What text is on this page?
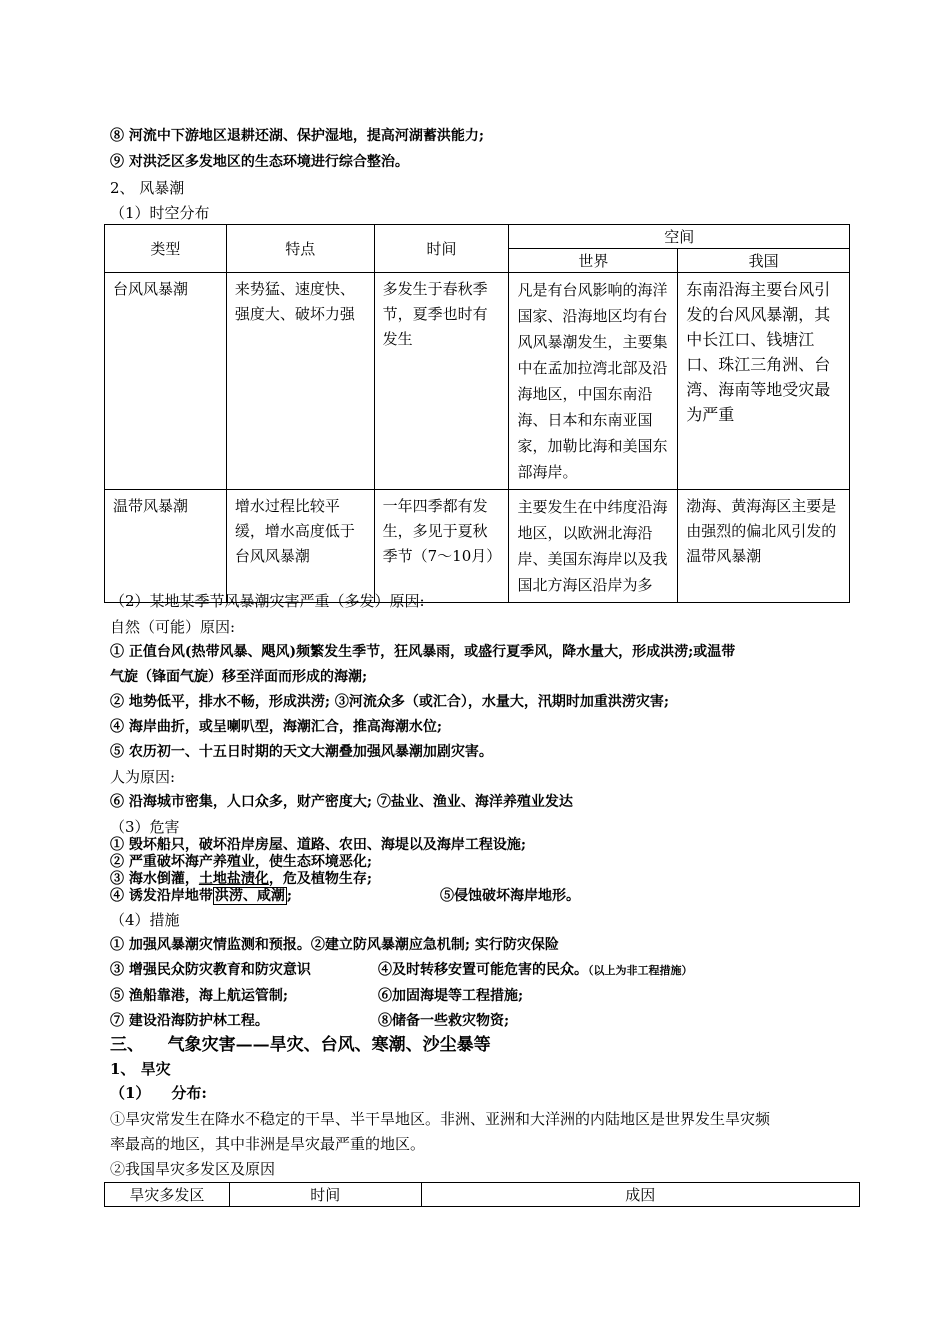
⑧ 河流中下游地区退耕还湖、保护湿地，提高河湖蓄洪能力;
⑨ 对洪泛区多发地区的生态环境进行综合整治。
2、 风暴潮
（1）时空分布
类型	特点	时间	空间	
			世界	我国
台风风暴潮	来势猛、速度快、强度大、破坏力强	多发生于春秋季节，夏季也时有发生	凡是有台风影响的海洋国家、沿海地区均有台风风暴潮发生，主要集中在孟加拉湾北部及沿海地区，中国东南沿海、日本和东南亚国家，加勒比海和美国东部海岸。	东南沿海主要台风引发的台风风暴潮，其中长江口、钱塘江口、珠江三角洲、台湾、海南等地受灾最为严重
温带风暴潮	增水过程比较平缓，增水高度低于台风风暴潮	一年四季都有发生，多见于夏秋季节（7～10月）	主要发生在中纬度沿海地区，以欧洲北海沿岸、美国东海岸以及我国北方海区沿岸为多	渤海、黄海海区主要是由强烈的偏北风引发的温带风暴潮
（2）某地某季节风暴潮灾害严重（多发）原因:
自然（可能）原因:
① 正值台风(热带风暴、飓风)频繁发生季节，狂风暴雨，或盛行夏季风，降水量大，形成洪涝;或温带
气旋（锋面气旋）移至洋面而形成的海潮;
② 地势低平，排水不畅，形成洪涝; ③河流众多（或汇合），水量大，汛期时加重洪涝灾害;
④ 海岸曲折，或呈喇叭型，海潮汇合，推高海潮水位;
⑤ 农历初一、十五日时期的天文大潮叠加强风暴潮加剧灾害。
人为原因:
⑥ 沿海城市密集，人口众多，财产密度大; ⑦盐业、渔业、海洋养殖业发达
（3）危害
① 毁坏船只，破坏沿岸房屋、道路、农田、海堤以及海岸工程设施;
② 严重破坏海产养殖业，使生态环境恶化;
③ 海水倒灌，土地盐渍化，危及植物生存;
④ 诱发沿岸地带 洪涝、咸潮 ;	⑤侵蚀破坏海岸地形。
（4）措施
① 加强风暴潮灾情监测和预报。②建立防风暴潮应急机制; 实行防灾保险
③ 增强民众防灾教育和防灾意识	④及时转移安置可能危害的民众。（以上为非工程措施）
⑤ 渔船靠港，海上航运管制;	⑥加固海堤等工程措施;
⑦ 建设沿海防护林工程。	⑧储备一些救灾物资;
三、    气象灾害——旱灾、台风、寒潮、沙尘暴等
1、 旱灾
（1）    分布:
①旱灾常发生在降水不稳定的干旱、半干旱地区。非洲、亚洲和大洋洲的内陆地区是世界发生旱灾频
率最高的地区，其中非洲是旱灾最严重的地区。
②我国旱灾多发区及原因
旱灾多发区	时间	成因
